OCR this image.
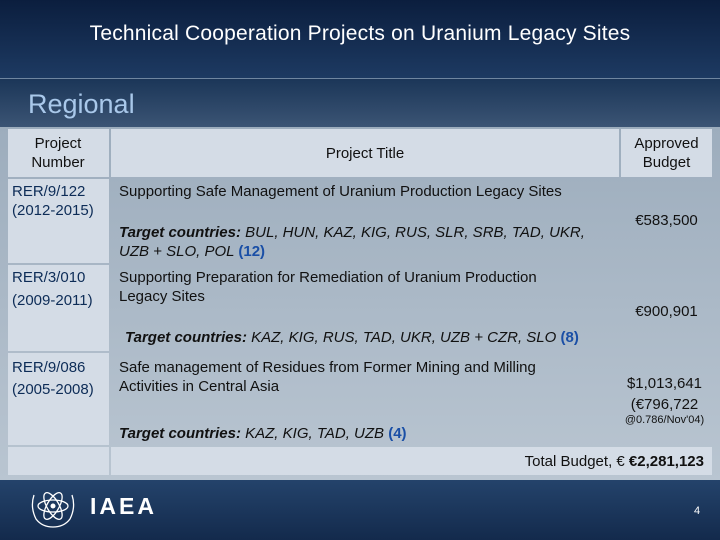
Technical Cooperation Projects on Uranium Legacy Sites
Regional
Project Number
Project Title
Approved Budget
RER/9/122
(2012-2015)
Supporting Safe Management of Uranium Production Legacy Sites
Target countries: BUL, HUN, KAZ, KIG, RUS, SLR, SRB, TAD, UKR, UZB + SLO, POL (12)
€583,500
RER/3/010
(2009-2011)
Supporting Preparation for Remediation of Uranium Production Legacy Sites
Target countries: KAZ, KIG, RUS, TAD, UKR, UZB + CZR, SLO (8)
€900,901
RER/9/086
(2005-2008)
Safe management of Residues from Former Mining and Milling Activities in Central Asia
Target countries: KAZ, KIG, TAD, UZB (4)
$1,013,641
(€796,722
@0.786/Nov'04)
Total Budget, € €2,281,123
IAEA	4
